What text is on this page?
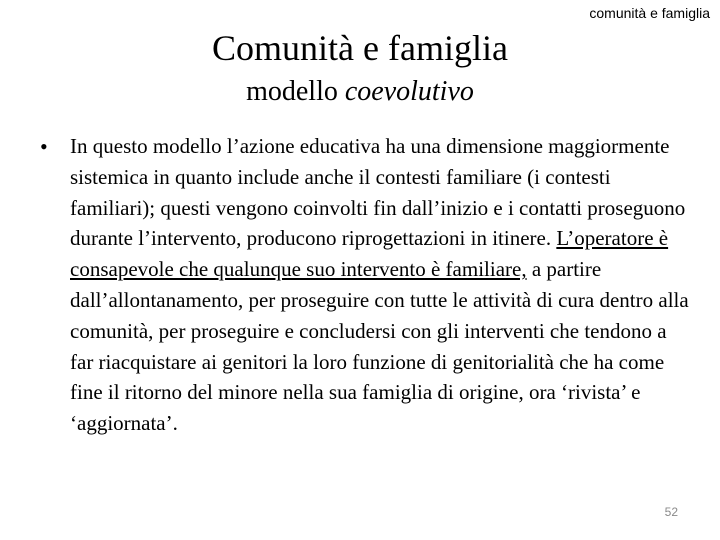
comunità e famiglia
Comunità e famiglia
modello coevolutivo
•	In questo modello l’azione educativa ha una dimensione maggiormente sistemica in quanto include anche il contesti familiare (i contesti familiari); questi vengono coinvolti fin dall’inizio e i contatti proseguono durante l’intervento, producono riprogettazioni in itinere. L’operatore è consapevole che qualunque suo intervento è familiare, a partire dall’allontanamento, per proseguire con tutte le attività di cura dentro alla comunità, per proseguire e concludersi con gli interventi che tendono a far riacquistare ai genitori la loro funzione di genitorialità che ha come fine il ritorno del minore nella sua famiglia di origine, ora ‘rivista’ e ‘aggiornata’.
52
